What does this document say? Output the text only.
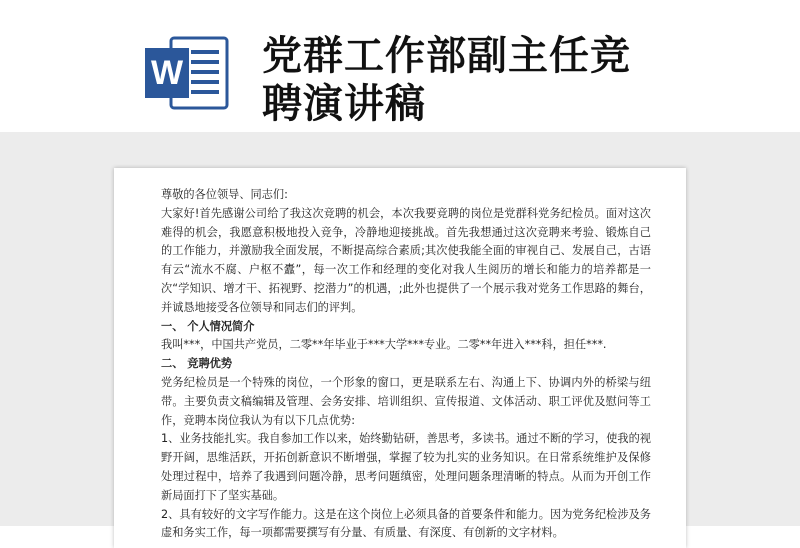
W 党群工作部副主任竞
聘演讲稿

尊敬的各位领导、同志们:

大家好!首先感谢公司给了我这次竞聘的机会，本次我要竞聘的岗位是党群科党务纪检员。面对这次难得的机会，我愿意积极地投入竞争，冷静地迎接挑战。首先我想通过这次竞聘来考验、锻炼自己的工作能力，并激励我全面发展，不断提高综合素质;其次使我能全面的审视自己、发展自己，古语有云“流水不腐、户枢不蠹”，每一次工作和经理的变化对我人生阅历的增长和能力的培养都是一次“学知识、增才干、拓视野、挖潜力”的机遇，;此外也提供了一个展示我对党务工作思路的舞台，并诚恳地接受各位领导和同志们的评判。

一、 个人情况简介

我叫***，中国共产党员，二零**年毕业于***大学***专业。二零**年进入***科，担任***.

二、 竞聘优势

党务纪检员是一个特殊的岗位，一个形象的窗口，更是联系左右、沟通上下、协调内外的桥梁与纽带。主要负责文稿编辑及管理、会务安排、培训组织、宣传报道、文体活动、职工评优及慰问等工作，竞聘本岗位我认为有以下几点优势:

1、业务技能扎实。我自参加工作以来，始终勤钻研，善思考，多读书。通过不断的学习，使我的视野开阔，思维活跃，开拓创新意识不断增强，掌握了较为扎实的业务知识。在日常系统维护及保修处理过程中，培养了我遇到问题冷静，思考问题缜密，处理问题条理清晰的特点。从而为开创工作新局面打下了坚实基础。

2、具有较好的文字写作能力。这是在这个岗位上必须具备的首要条件和能力。因为党务纪检涉及务虚和务实工作，每一项都需要撰写有分量、有质量、有深度、有创新的文字材料。
